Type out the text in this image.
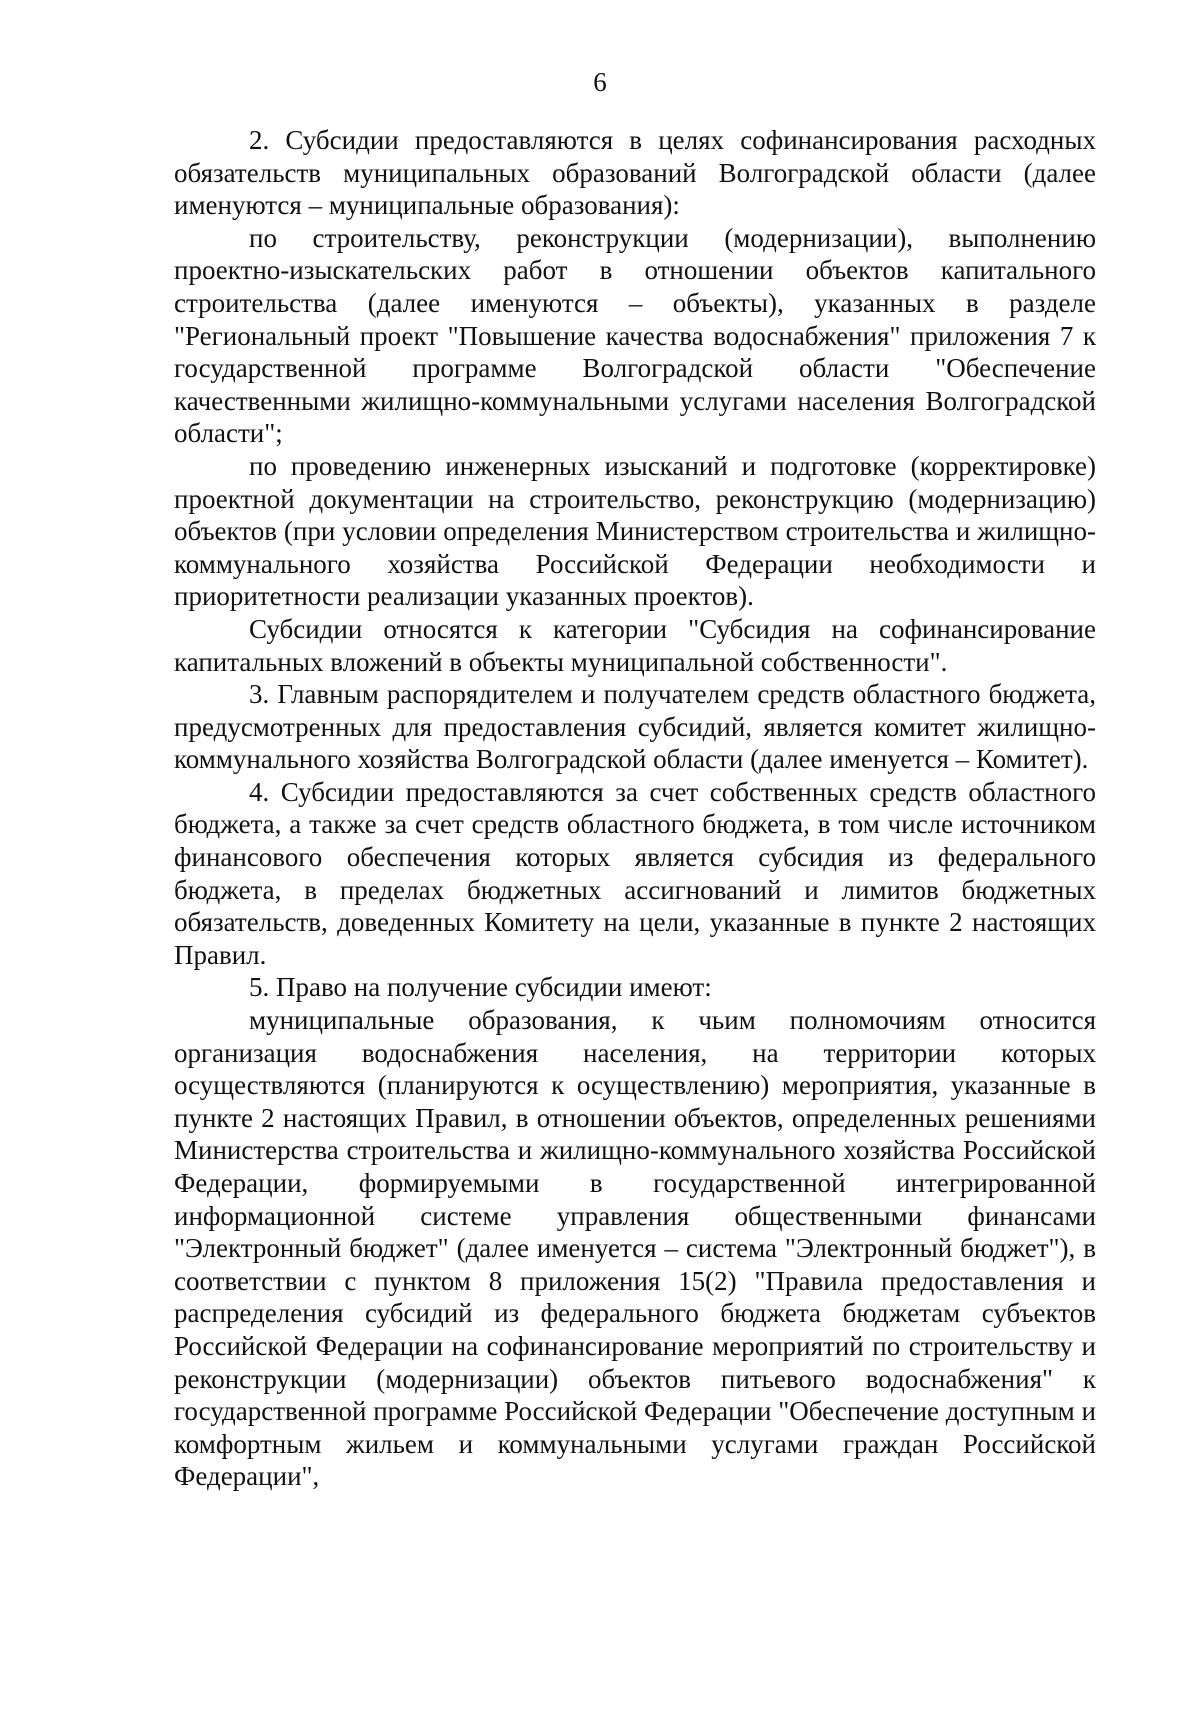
6

2. Субсидии предоставляются в целях софинансирования расходных обязательств муниципальных образований Волгоградской области (далее именуются – муниципальные образования):

по строительству, реконструкции (модернизации), выполнению проектно-изыскательских работ в отношении объектов капитального строительства (далее именуются – объекты), указанных в разделе "Региональный проект "Повышение качества водоснабжения" приложения 7 к государственной программе Волгоградской области "Обеспечение качественными жилищно-коммунальными услугами населения Волгоградской области";

по проведению инженерных изысканий и подготовке (корректировке) проектной документации на строительство, реконструкцию (модернизацию) объектов (при условии определения Министерством строительства и жилищно-коммунального хозяйства Российской Федерации необходимости и приоритетности реализации указанных проектов).

Субсидии относятся к категории "Субсидия на софинансирование капитальных вложений в объекты муниципальной собственности".

3. Главным распорядителем и получателем средств областного бюджета, предусмотренных для предоставления субсидий, является комитет жилищно-коммунального хозяйства Волгоградской области (далее именуется – Комитет).

4. Субсидии предоставляются за счет собственных средств областного бюджета, а также за счет средств областного бюджета, в том числе источником финансового обеспечения которых является субсидия из федерального бюджета, в пределах бюджетных ассигнований и лимитов бюджетных обязательств, доведенных Комитету на цели, указанные в пункте 2 настоящих Правил.

5. Право на получение субсидии имеют:

муниципальные образования, к чьим полномочиям относится организация водоснабжения населения, на территории которых осуществляются (планируются к осуществлению) мероприятия, указанные в пункте 2 настоящих Правил, в отношении объектов, определенных решениями Министерства строительства и жилищно-коммунального хозяйства Российской Федерации, формируемыми в государственной интегрированной информационной системе управления общественными финансами "Электронный бюджет" (далее именуется – система "Электронный бюджет"), в соответствии с пунктом 8 приложения 15(2) "Правила предоставления и распределения субсидий из федерального бюджета бюджетам субъектов Российской Федерации на софинансирование мероприятий по строительству и реконструкции (модернизации) объектов питьевого водоснабжения" к государственной программе Российской Федерации "Обеспечение доступным и комфортным жильем и коммунальными услугами граждан Российской Федерации",
